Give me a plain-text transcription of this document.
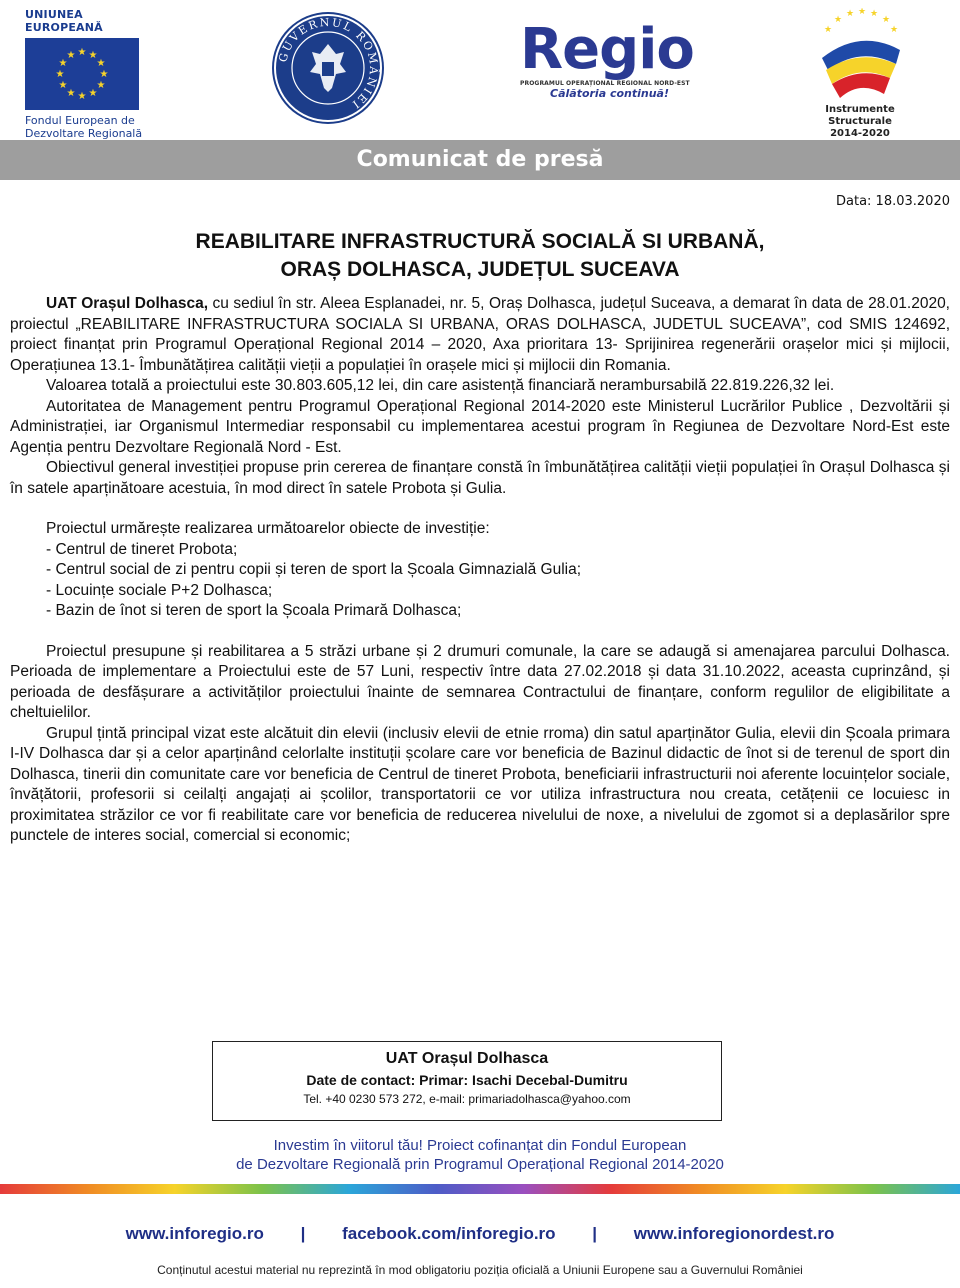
UNIUNEA EUROPEANĂ
★ ★
★
★
★
★
★
★
★
★
★
★
Fondul European de
Dezvoltare Regională
GUVERNUL ROMÂNIEI
Regio
PROGRAMUL OPERAȚIONAL REGIONAL NORD-EST
Călătoria continuă!
★
★ ★ ★
★
★	★
Instrumente Structurale
2014-2020
Comunicat de presă
Data: 18.03.2020
REABILITARE INFRASTRUCTURĂ SOCIALĂ SI URBANĂ,
ORAȘ DOLHASCA, JUDEȚUL SUCEAVA

UAT Orașul Dolhasca, cu sediul în str. Aleea Esplanadei, nr. 5, Oraș Dolhasca, județul Suceava, a demarat în data de 28.01.2020, proiectul „REABILITARE INFRASTRUCTURA SOCIALA SI URBANA, ORAS DOLHASCA, JUDETUL SUCEAVA”, cod SMIS 124692, proiect finanțat prin Programul Operațional Regional 2014 – 2020, Axa prioritara 13- Sprijinirea regenerării orașelor mici și mijlocii, Operațiunea 13.1- Îmbunătățirea calității vieții a populației în orașele mici și mijlocii din Romania.

Valoarea totală a proiectului este 30.803.605,12 lei, din care asistență financiară nerambursabilă 22.819.226,32 lei.

Autoritatea de Management pentru Programul Operațional Regional 2014-2020 este Ministerul Lucrărilor Publice , Dezvoltării și Administrației, iar Organismul Intermediar responsabil cu implementarea acestui program în Regiunea de Dezvoltare Nord-Est este Agenția pentru Dezvoltare Regională Nord - Est.

Obiectivul general investiției propuse prin cererea de finanțare constă în îmbunătățirea calității vieții populației în Orașul Dolhasca și în satele aparținătoare acestuia, în mod direct în satele Probota și Gulia.

Proiectul urmărește realizarea următoarelor obiecte de investiție:
- Centrul de tineret Probota;
- Centrul social de zi pentru copii și teren de sport la Școala Gimnazială Gulia;
- Locuințe sociale P+2 Dolhasca;
- Bazin de înot si teren de sport la Școala Primară Dolhasca;

Proiectul presupune și reabilitarea a 5 străzi urbane și 2 drumuri comunale, la care se adaugă si amenajarea parcului Dolhasca. Perioada de implementare a Proiectului este de 57 Luni, respectiv între data 27.02.2018 și data 31.10.2022, aceasta cuprinzând, și perioada de desfășurare a activităților proiectului înainte de semnarea Contractului de finanțare, conform regulilor de eligibilitate a cheltuielilor.

Grupul țintă principal vizat este alcătuit din elevii (inclusiv elevii de etnie rroma) din satul aparținător Gulia, elevii din Școala primara I-IV Dolhasca dar și a celor aparținând celorlalte instituții școlare care vor beneficia de Bazinul didactic de înot si de terenul de sport din Dolhasca, tinerii din comunitate care vor beneficia de Centrul de tineret Probota, beneficiarii infrastructurii noi aferente locuințelor sociale, învățătorii, profesorii si ceilalți angajați ai școlilor, transportatorii ce vor utiliza infrastructura nou creata, cetățenii ce locuiesc in proximitatea străzilor ce vor fi reabilitate care vor beneficia de reducerea nivelului de noxe, a nivelului de zgomot si a deplasărilor spre punctele de interes social, comercial si economic;

UAT Orașul Dolhasca
Date de contact: Primar: Isachi Decebal-Dumitru
Tel. +40 0230 573 272, e-mail: primariadolhasca@yahoo.com
Investim în viitorul tău! Proiect cofinanțat din Fondul European
de Dezvoltare Regională prin Programul Operațional Regional 2014-2020
www.inforegio.ro | facebook.com/inforegio.ro | www.inforegionordest.ro
Conținutul acestui material nu reprezintă în mod obligatoriu poziția oficială a Uniunii Europene sau a Guvernului României
